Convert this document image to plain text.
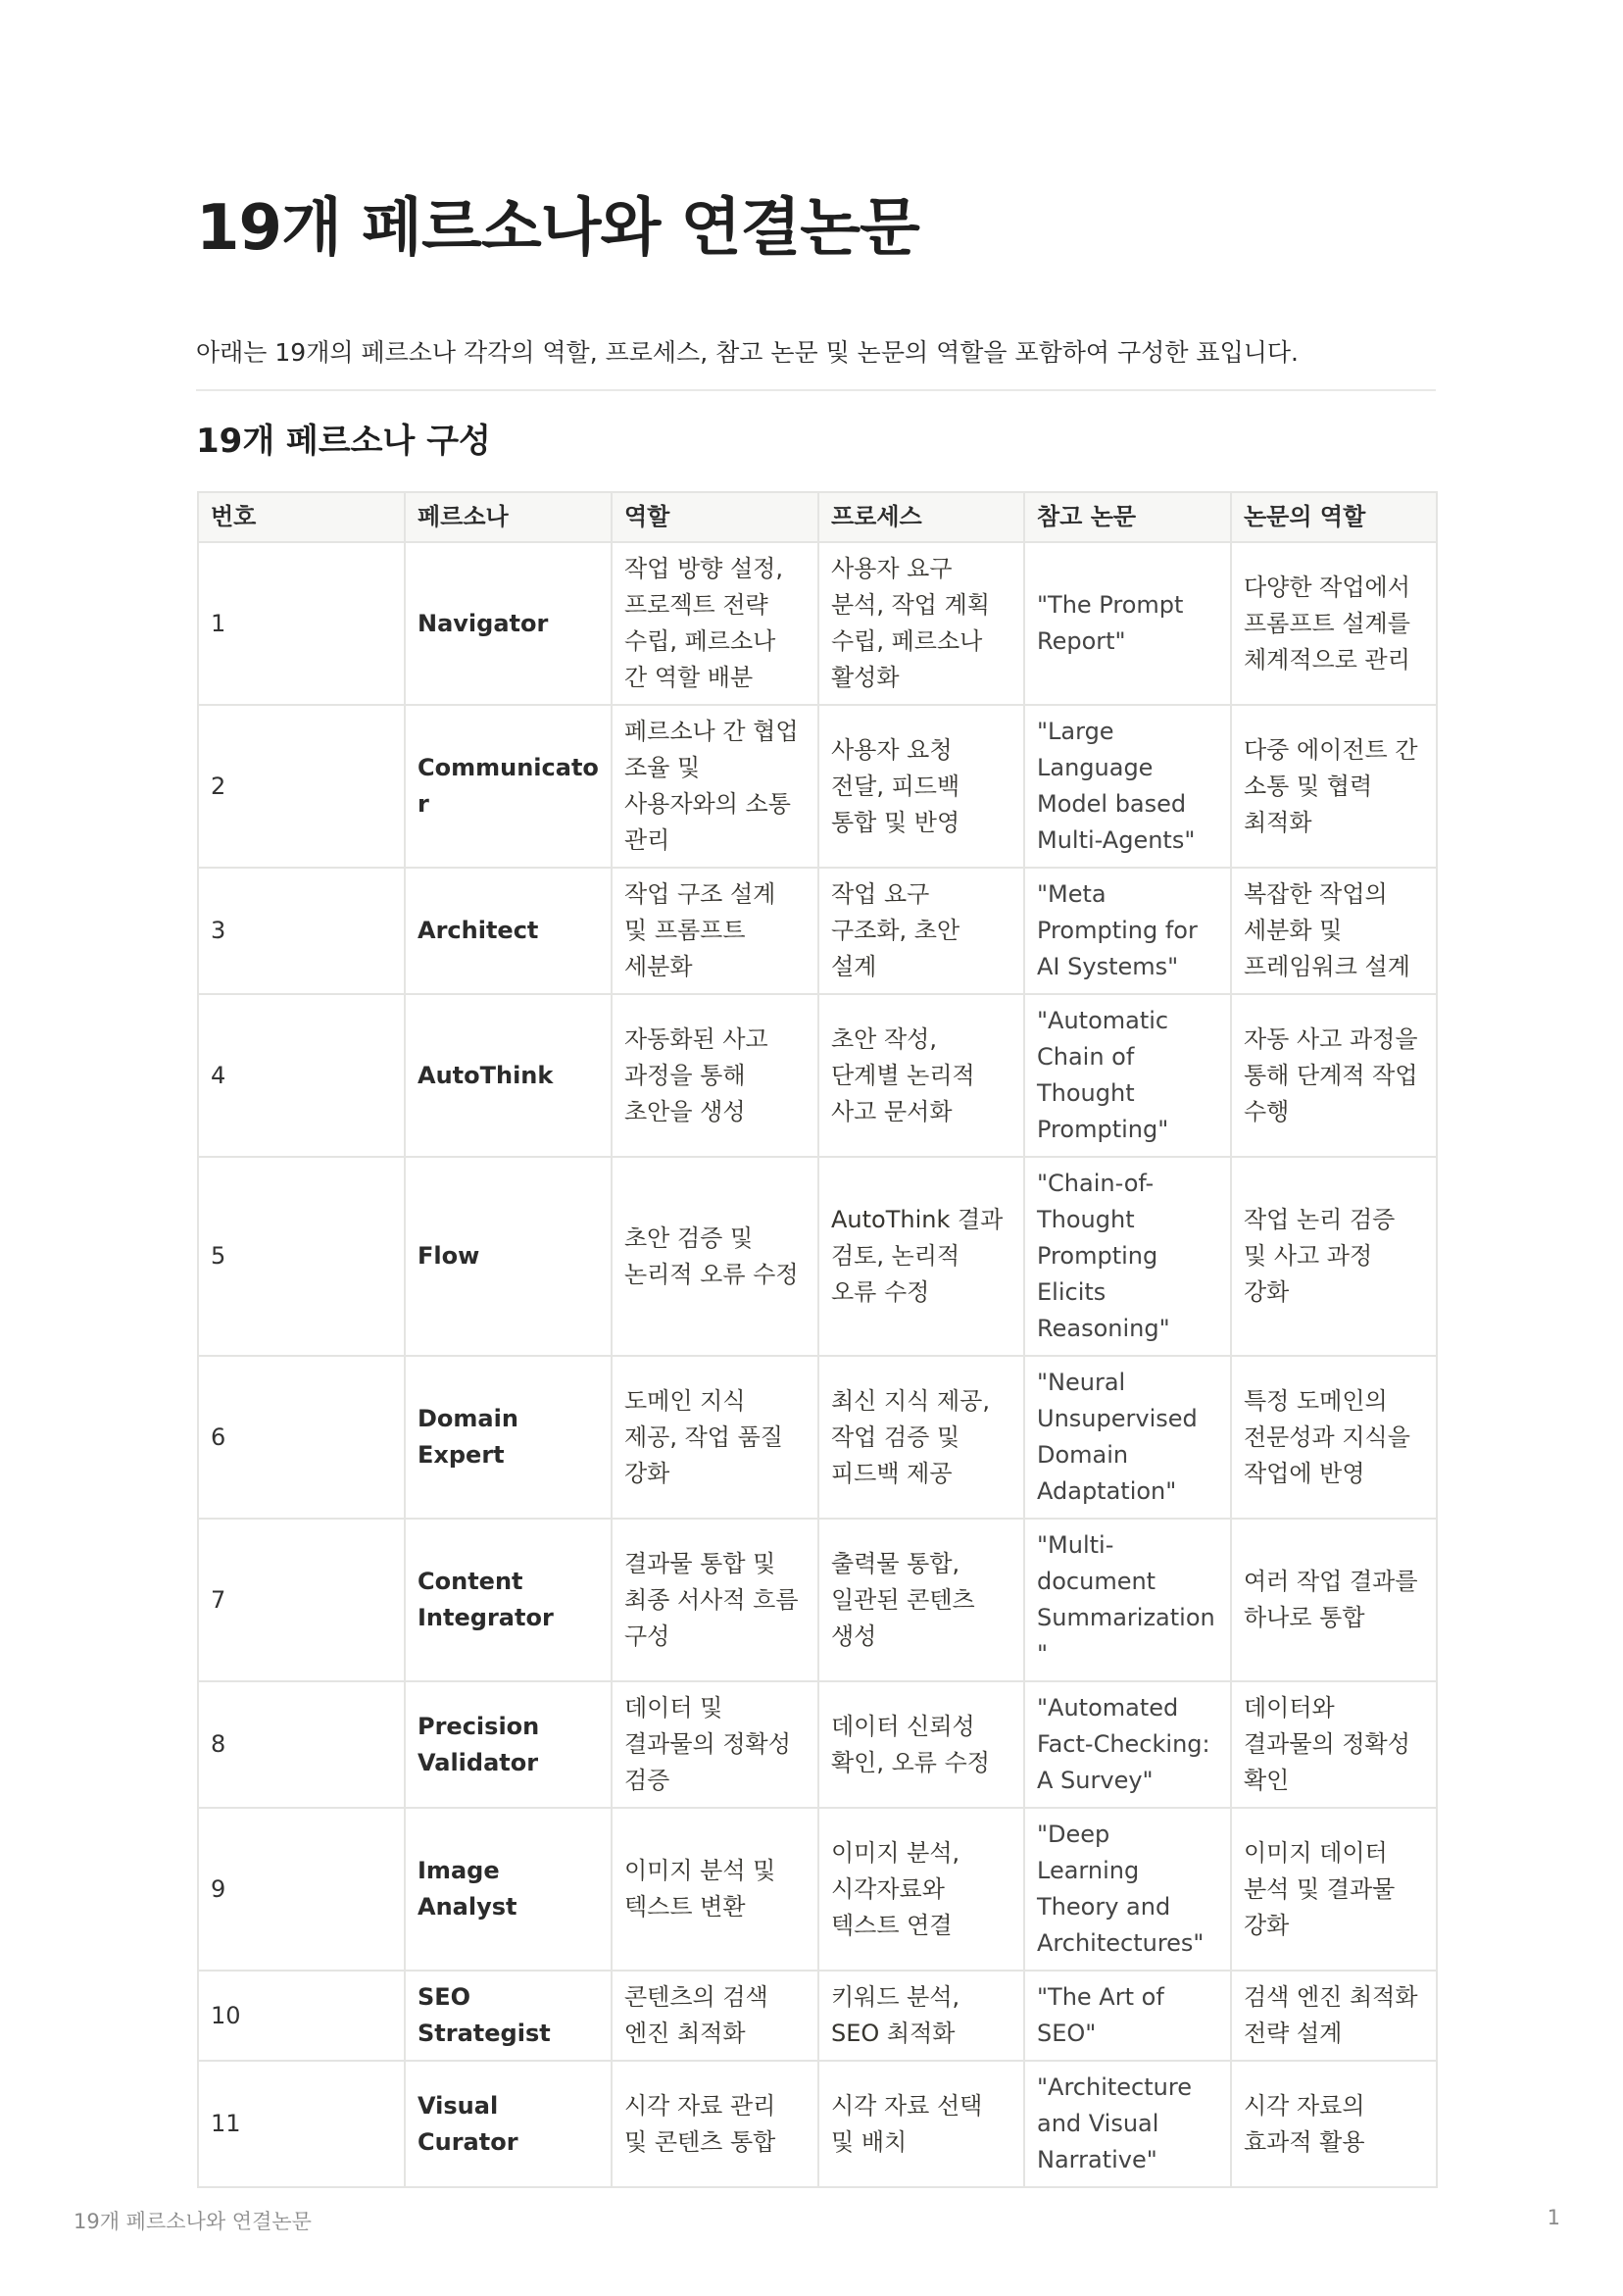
19개 페르소나와 연결논문

아래는 19개의 페르소나 각각의 역할, 프로세스, 참고 논문 및 논문의 역할을 포함하여 구성한 표입니다.

19개 페르소나 구성
번호	페르소나	역할	프로세스	참고 논문	논문의 역할
1	Navigator	작업 방향 설정, 프로젝트 전략 수립, 페르소나 간 역할 배분	사용자 요구 분석, 작업 계획 수립, 페르소나 활성화	"The Prompt Report"	다양한 작업에서 프롬프트 설계를 체계적으로 관리
2	Communicator	페르소나 간 협업 조율 및 사용자와의 소통 관리	사용자 요청 전달, 피드백 통합 및 반영	"Large Language Model based Multi-Agents"	다중 에이전트 간 소통 및 협력 최적화
3	Architect	작업 구조 설계 및 프롬프트 세분화	작업 요구 구조화, 초안 설계	"Meta Prompting for AI Systems"	복잡한 작업의 세분화 및 프레임워크 설계
4	AutoThink	자동화된 사고 과정을 통해 초안을 생성	초안 작성, 단계별 논리적 사고 문서화	"Automatic Chain of Thought Prompting"	자동 사고 과정을 통해 단계적 작업 수행
5	Flow	초안 검증 및 논리적 오류 수정	AutoThink 결과 검토, 논리적 오류 수정	"Chain-of-Thought Prompting Elicits Reasoning"	작업 논리 검증 및 사고 과정 강화
6	Domain Expert	도메인 지식 제공, 작업 품질 강화	최신 지식 제공, 작업 검증 및 피드백 제공	"Neural Unsupervised Domain Adaptation"	특정 도메인의 전문성과 지식을 작업에 반영
7	Content Integrator	결과물 통합 및 최종 서사적 흐름 구성	출력물 통합, 일관된 콘텐츠 생성	"Multi-document Summarization"	여러 작업 결과를 하나로 통합
8	Precision Validator	데이터 및 결과물의 정확성 검증	데이터 신뢰성 확인, 오류 수정	"Automated Fact-Checking: A Survey"	데이터와 결과물의 정확성 확인
9	Image Analyst	이미지 분석 및 텍스트 변환	이미지 분석, 시각자료와 텍스트 연결	"Deep Learning Theory and Architectures"	이미지 데이터 분석 및 결과물 강화
10	SEO Strategist	콘텐츠의 검색 엔진 최적화	키워드 분석, SEO 최적화	"The Art of SEO"	검색 엔진 최적화 전략 설계
11	Visual Curator	시각 자료 관리 및 콘텐츠 통합	시각 자료 선택 및 배치	"Architecture and Visual Narrative"	시각 자료의 효과적 활용

19개 페르소나와 연결논문	1
